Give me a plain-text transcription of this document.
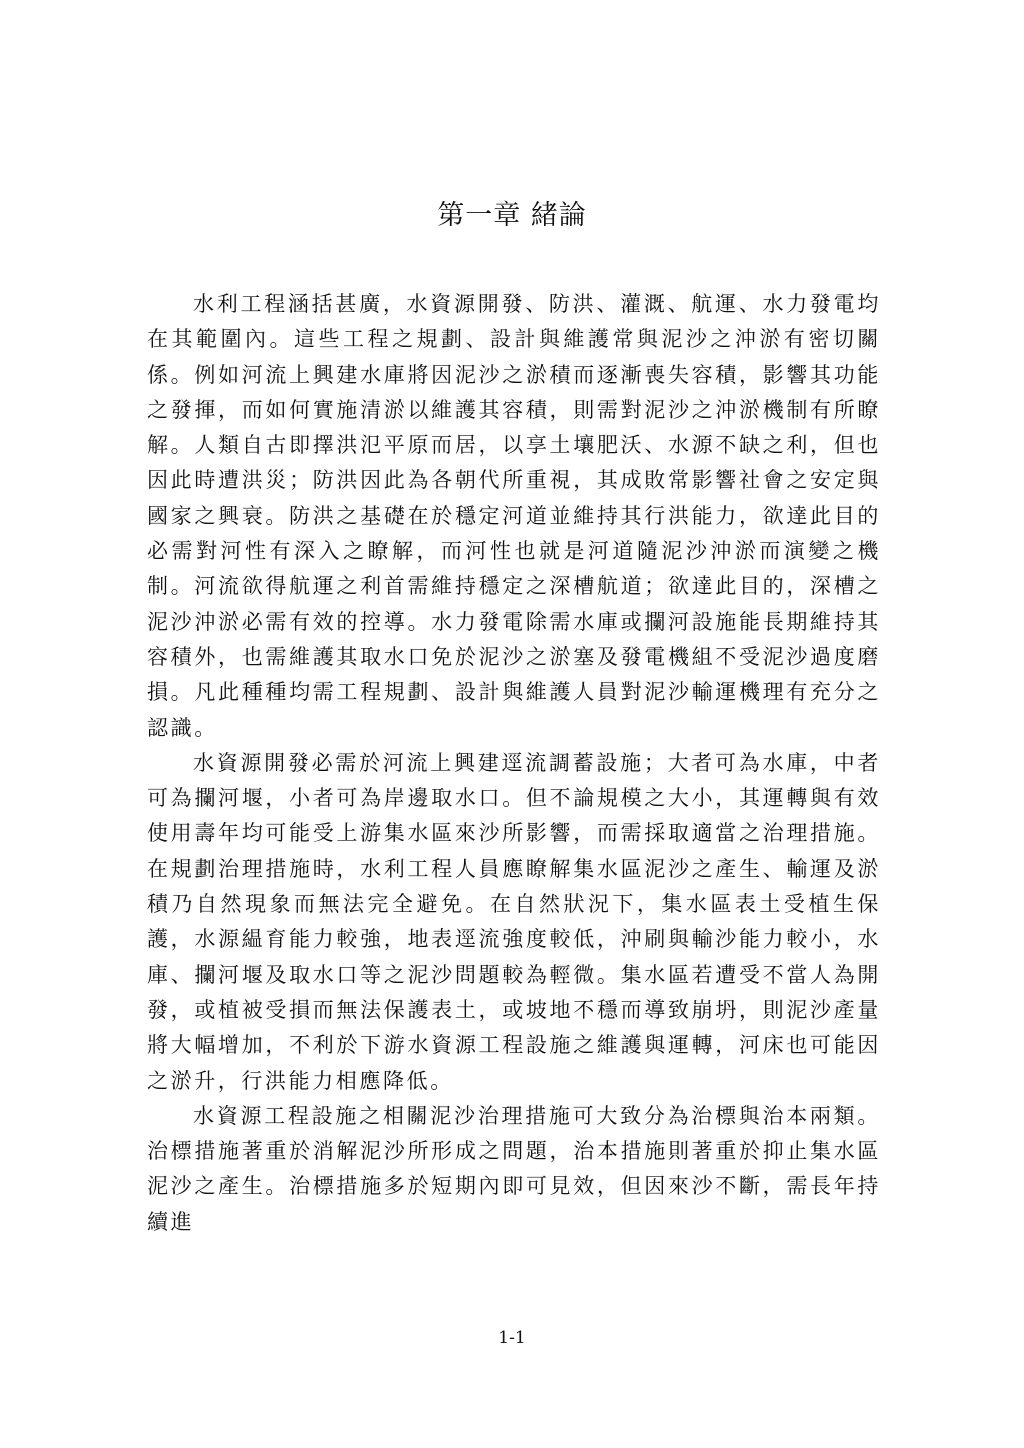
第一章 緒論

水利工程涵括甚廣，水資源開發、防洪、灌溉、航運、水力發電均在其範圍內。這些工程之規劃、設計與維護常與泥沙之沖淤有密切關係。例如河流上興建水庫將因泥沙之淤積而逐漸喪失容積，影響其功能之發揮，而如何實施清淤以維護其容積，則需對泥沙之沖淤機制有所瞭解。人類自古即擇洪氾平原而居，以享土壤肥沃、水源不缺之利，但也因此時遭洪災；防洪因此為各朝代所重視，其成敗常影響社會之安定與國家之興衰。防洪之基礎在於穩定河道並維持其行洪能力，欲達此目的必需對河性有深入之瞭解，而河性也就是河道隨泥沙沖淤而演變之機制。河流欲得航運之利首需維持穩定之深槽航道；欲達此目的，深槽之泥沙沖淤必需有效的控導。水力發電除需水庫或攔河設施能長期維持其容積外，也需維護其取水口免於泥沙之淤塞及發電機組不受泥沙過度磨損。凡此種種均需工程規劃、設計與維護人員對泥沙輸運機理有充分之認識。

水資源開發必需於河流上興建逕流調蓄設施；大者可為水庫，中者可為攔河堰，小者可為岸邊取水口。但不論規模之大小，其運轉與有效使用壽年均可能受上游集水區來沙所影響，而需採取適當之治理措施。在規劃治理措施時，水利工程人員應瞭解集水區泥沙之產生、輸運及淤積乃自然現象而無法完全避免。在自然狀況下，集水區表土受植生保護，水源緼育能力較強，地表逕流強度較低，沖刷與輸沙能力較小，水庫、攔河堰及取水口等之泥沙問題較為輕微。集水區若遭受不當人為開發，或植被受損而無法保護表土，或坡地不穩而導致崩坍，則泥沙產量將大幅增加，不利於下游水資源工程設施之維護與運轉，河床也可能因之淤升，行洪能力相應降低。

水資源工程設施之相關泥沙治理措施可大致分為治標與治本兩類。治標措施著重於消解泥沙所形成之問題，治本措施則著重於抑止集水區泥沙之產生。治標措施多於短期內即可見效，但因來沙不斷，需長年持續進

1-1
